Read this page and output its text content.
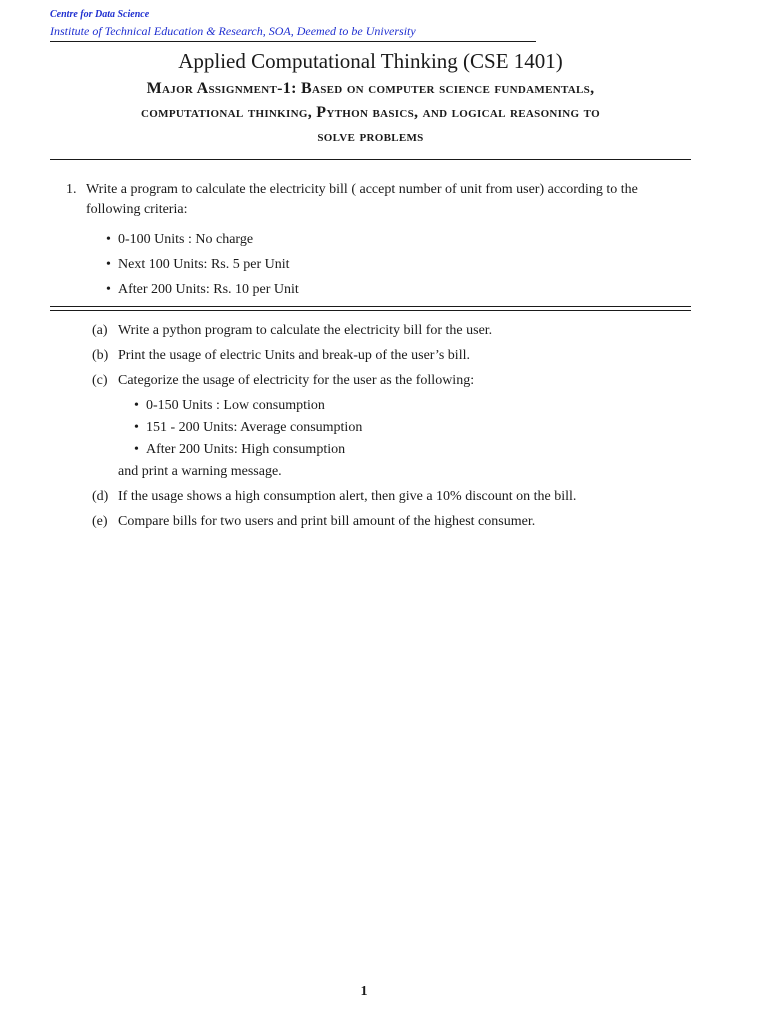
Centre for Data Science
Institute of Technical Education & Research, SOA, Deemed to be University
Applied Computational Thinking (CSE 1401)
Major Assignment-1: Based on computer science fundamentals,
computational thinking, Python basics, and logical reasoning to
solve problems
1. Write a program to calculate the electricity bill ( accept number of unit from user) according to the following criteria:
• 0-100 Units : No charge
• Next 100 Units: Rs. 5 per Unit
• After 200 Units: Rs. 10 per Unit
(a) Write a python program to calculate the electricity bill for the user.
(b) Print the usage of electric Units and break-up of the user’s bill.
(c) Categorize the usage of electricity for the user as the following:
• 0-150 Units : Low consumption
• 151 - 200 Units: Average consumption
• After 200 Units: High consumption
and print a warning message.
(d) If the usage shows a high consumption alert, then give a 10% discount on the bill.
(e) Compare bills for two users and print bill amount of the highest consumer.
1
